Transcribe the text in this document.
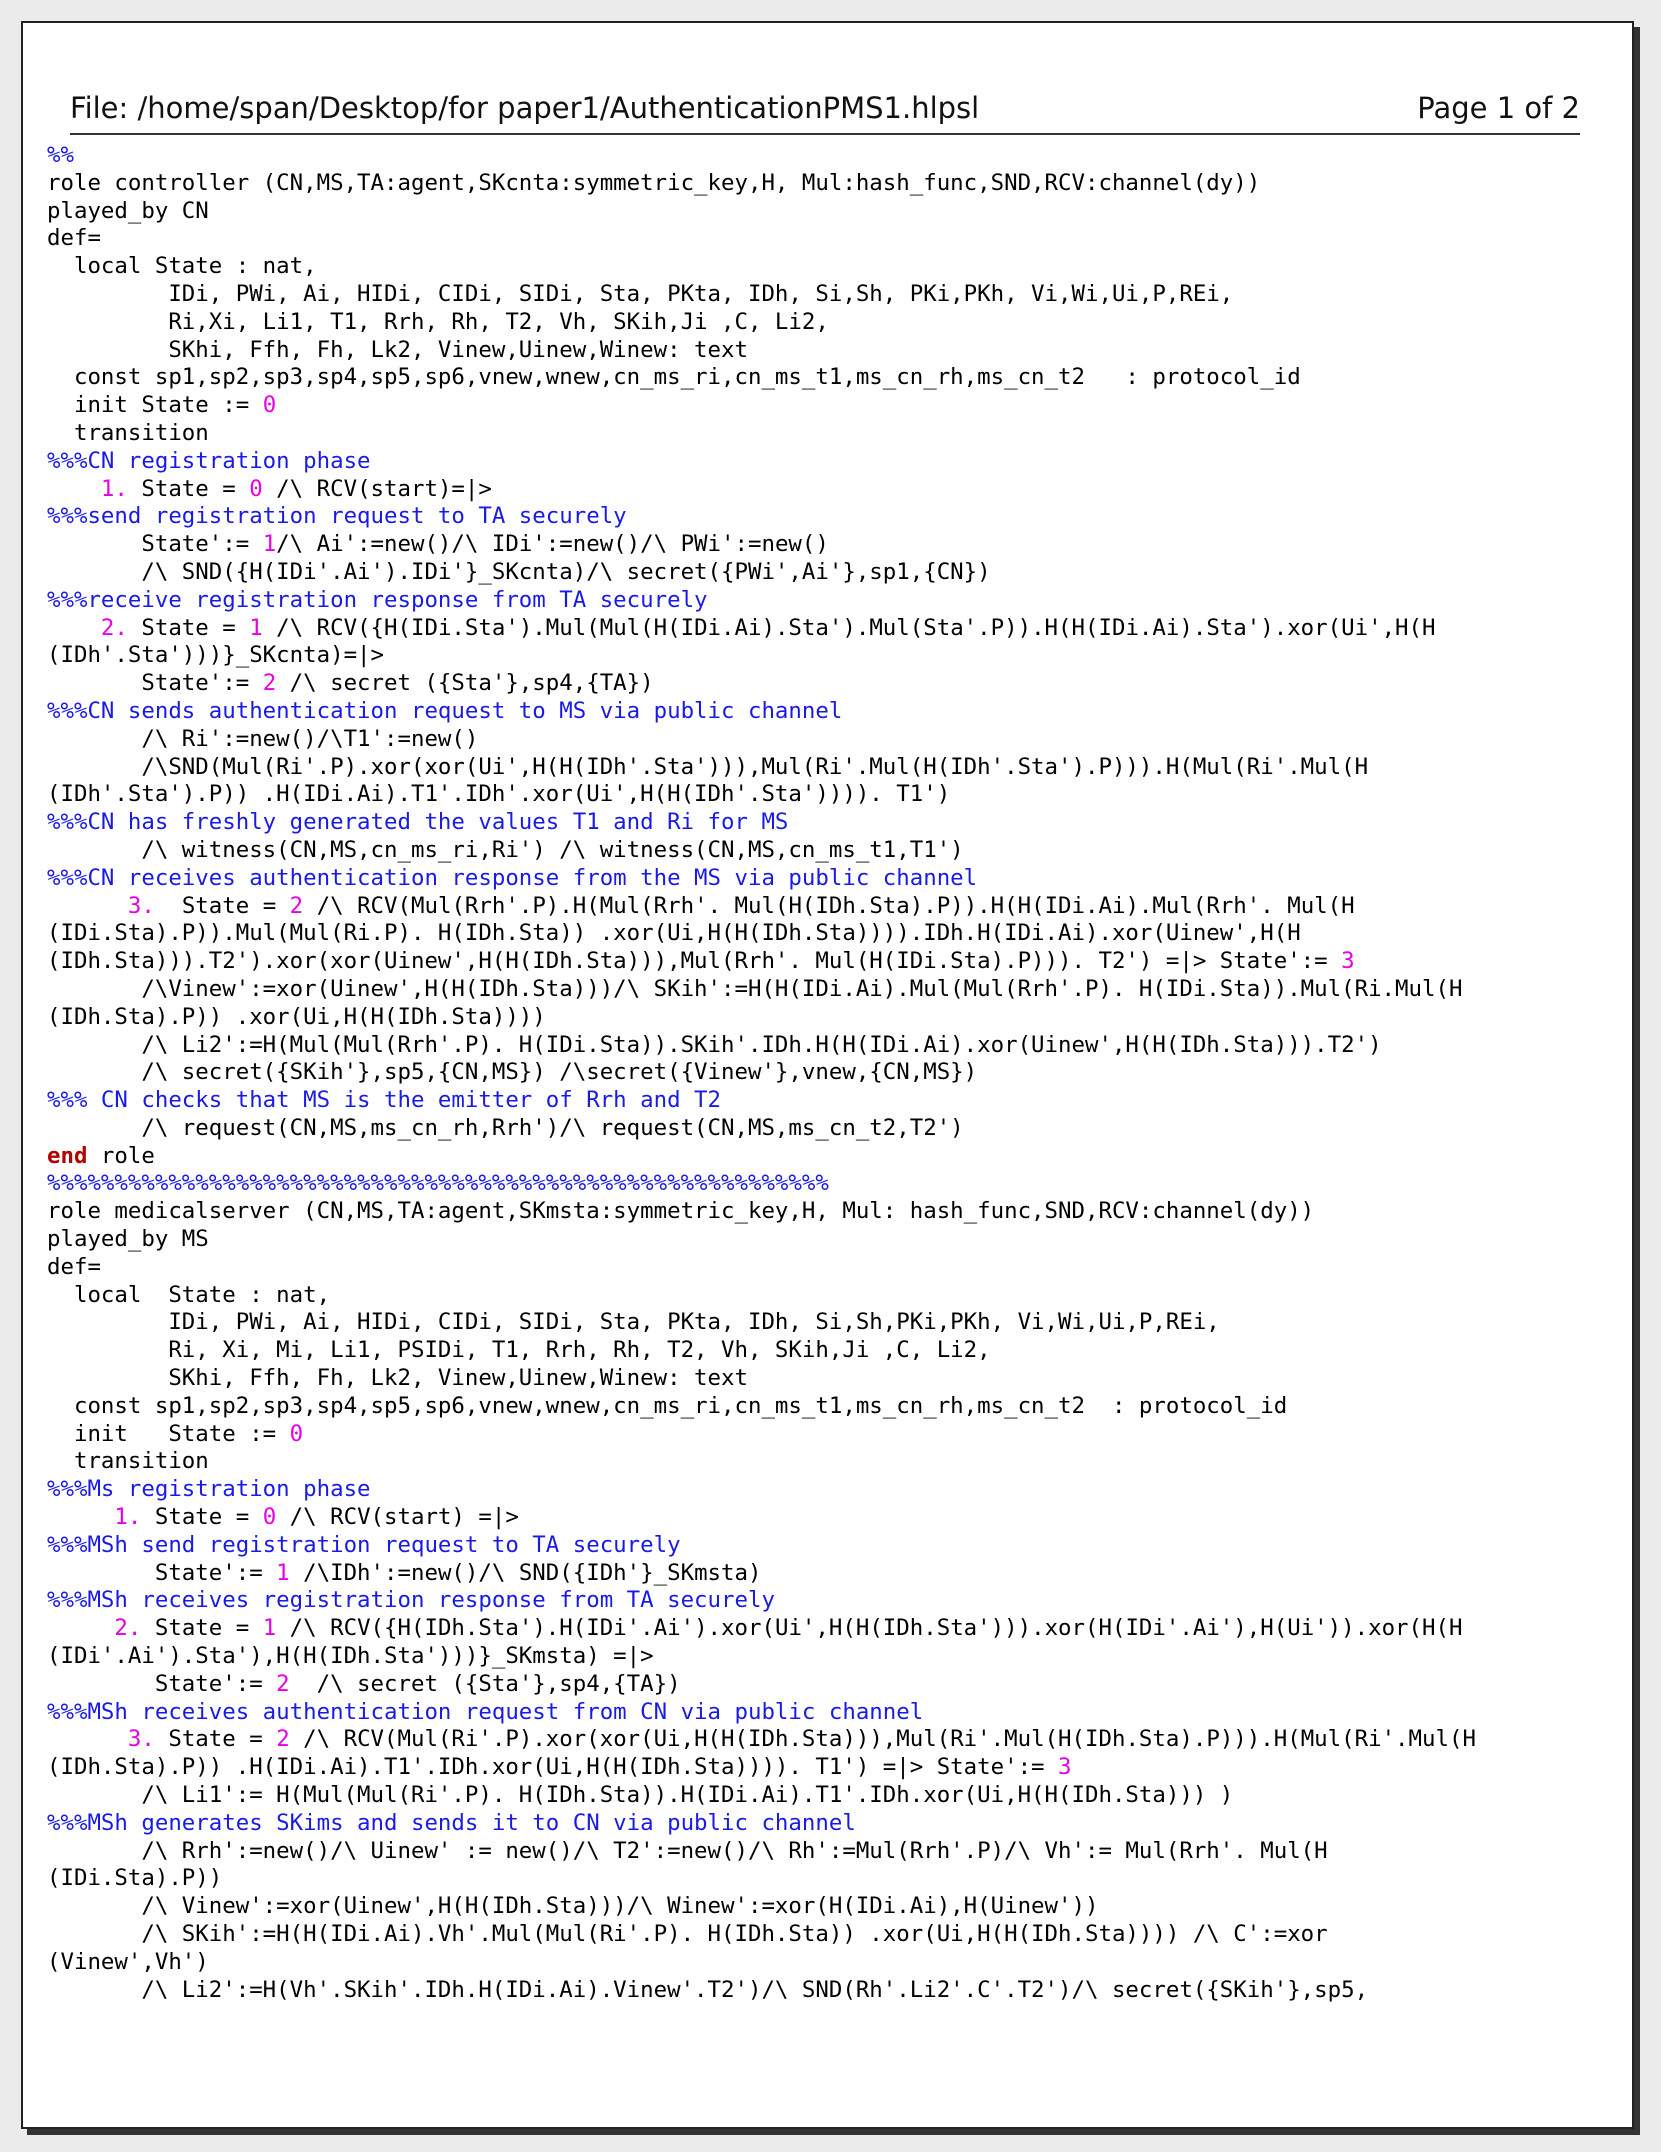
File: /home/span/Desktop/for paper1/AuthenticationPMS1.hlpsl	Page 1 of 2
%%
role controller (CN,MS,TA:agent,SKcnta:symmetric_key,H, Mul:hash_func,SND,RCV:channel(dy))
played_by CN
def=
local State : nat,
IDi, PWi, Ai, HIDi, CIDi, SIDi, Sta, PKta, IDh, Si,Sh, PKi,PKh, Vi,Wi,Ui,P,REi,
Ri,Xi, Li1, T1, Rrh, Rh, T2, Vh, SKih,Ji ,C, Li2,
SKhi, Ffh, Fh, Lk2, Vinew,Uinew,Winew: text
const sp1,sp2,sp3,sp4,sp5,sp6,vnew,wnew,cn_ms_ri,cn_ms_t1,ms_cn_rh,ms_cn_t2   : protocol_id
init State := 0
transition
%%%CN registration phase
1. State = 0 /\ RCV(start)=|>
%%%send registration request to TA securely
State':= 1/\ Ai':=new()/\ IDi':=new()/\ PWi':=new()
/\ SND({H(IDi'.Ai').IDi'}_SKcnta)/\ secret({PWi',Ai'},sp1,{CN})
%%%receive registration response from TA securely
2. State = 1 /\ RCV({H(IDi.Sta').Mul(Mul(H(IDi.Ai).Sta').Mul(Sta'.P)).H(H(IDi.Ai).Sta').xor(Ui',H(H
(IDh'.Sta')))}_SKcnta)=|>
State':= 2 /\ secret ({Sta'},sp4,{TA})
%%%CN sends authentication request to MS via public channel
/\ Ri':=new()/\T1':=new()
/\SND(Mul(Ri'.P).xor(xor(Ui',H(H(IDh'.Sta'))),Mul(Ri'.Mul(H(IDh'.Sta').P))).H(Mul(Ri'.Mul(H
(IDh'.Sta').P)) .H(IDi.Ai).T1'.IDh'.xor(Ui',H(H(IDh'.Sta')))). T1')
%%%CN has freshly generated the values T1 and Ri for MS
/\ witness(CN,MS,cn_ms_ri,Ri') /\ witness(CN,MS,cn_ms_t1,T1')
%%%CN receives authentication response from the MS via public channel
3.  State = 2 /\ RCV(Mul(Rrh'.P).H(Mul(Rrh'. Mul(H(IDh.Sta).P)).H(H(IDi.Ai).Mul(Rrh'. Mul(H
(IDi.Sta).P)).Mul(Mul(Ri.P). H(IDh.Sta)) .xor(Ui,H(H(IDh.Sta)))).IDh.H(IDi.Ai).xor(Uinew',H(H
(IDh.Sta))).T2').xor(xor(Uinew',H(H(IDh.Sta))),Mul(Rrh'. Mul(H(IDi.Sta).P))). T2') =|> State':= 3
/\Vinew':=xor(Uinew',H(H(IDh.Sta)))/\ SKih':=H(H(IDi.Ai).Mul(Mul(Rrh'.P). H(IDi.Sta)).Mul(Ri.Mul(H
(IDh.Sta).P)) .xor(Ui,H(H(IDh.Sta))))
/\ Li2':=H(Mul(Mul(Rrh'.P). H(IDi.Sta)).SKih'.IDh.H(H(IDi.Ai).xor(Uinew',H(H(IDh.Sta))).T2')
/\ secret({SKih'},sp5,{CN,MS}) /\secret({Vinew'},vnew,{CN,MS})
%%% CN checks that MS is the emitter of Rrh and T2
/\ request(CN,MS,ms_cn_rh,Rrh')/\ request(CN,MS,ms_cn_t2,T2')
end role
%%%%%%%%%%%%%%%%%%%%%%%%%%%%%%%%%%%%%%%%%%%%%%%%%%%%%%%%%%
role medicalserver (CN,MS,TA:agent,SKmsta:symmetric_key,H, Mul: hash_func,SND,RCV:channel(dy))
played_by MS
def=
local  State : nat,
IDi, PWi, Ai, HIDi, CIDi, SIDi, Sta, PKta, IDh, Si,Sh,PKi,PKh, Vi,Wi,Ui,P,REi,
Ri, Xi, Mi, Li1, PSIDi, T1, Rrh, Rh, T2, Vh, SKih,Ji ,C, Li2,
SKhi, Ffh, Fh, Lk2, Vinew,Uinew,Winew: text
const sp1,sp2,sp3,sp4,sp5,sp6,vnew,wnew,cn_ms_ri,cn_ms_t1,ms_cn_rh,ms_cn_t2  : protocol_id
init   State := 0
transition
%%%Ms registration phase
1. State = 0 /\ RCV(start) =|>
%%%MSh send registration request to TA securely
State':= 1 /\IDh':=new()/\ SND({IDh'}_SKmsta)
%%%MSh receives registration response from TA securely
2. State = 1 /\ RCV({H(IDh.Sta').H(IDi'.Ai').xor(Ui',H(H(IDh.Sta'))).xor(H(IDi'.Ai'),H(Ui')).xor(H(H
(IDi'.Ai').Sta'),H(H(IDh.Sta')))}_SKmsta) =|>
State':= 2  /\ secret ({Sta'},sp4,{TA})
%%%MSh receives authentication request from CN via public channel
3. State = 2 /\ RCV(Mul(Ri'.P).xor(xor(Ui,H(H(IDh.Sta))),Mul(Ri'.Mul(H(IDh.Sta).P))).H(Mul(Ri'.Mul(H
(IDh.Sta).P)) .H(IDi.Ai).T1'.IDh.xor(Ui,H(H(IDh.Sta)))). T1') =|> State':= 3
/\ Li1':= H(Mul(Mul(Ri'.P). H(IDh.Sta)).H(IDi.Ai).T1'.IDh.xor(Ui,H(H(IDh.Sta))) )
%%%MSh generates SKims and sends it to CN via public channel
/\ Rrh':=new()/\ Uinew' := new()/\ T2':=new()/\ Rh':=Mul(Rrh'.P)/\ Vh':= Mul(Rrh'. Mul(H
(IDi.Sta).P))
/\ Vinew':=xor(Uinew',H(H(IDh.Sta)))/\ Winew':=xor(H(IDi.Ai),H(Uinew'))
/\ SKih':=H(H(IDi.Ai).Vh'.Mul(Mul(Ri'.P). H(IDh.Sta)) .xor(Ui,H(H(IDh.Sta)))) /\ C':=xor
(Vinew',Vh')
/\ Li2':=H(Vh'.SKih'.IDh.H(IDi.Ai).Vinew'.T2')/\ SND(Rh'.Li2'.C'.T2')/\ secret({SKih'},sp5,
